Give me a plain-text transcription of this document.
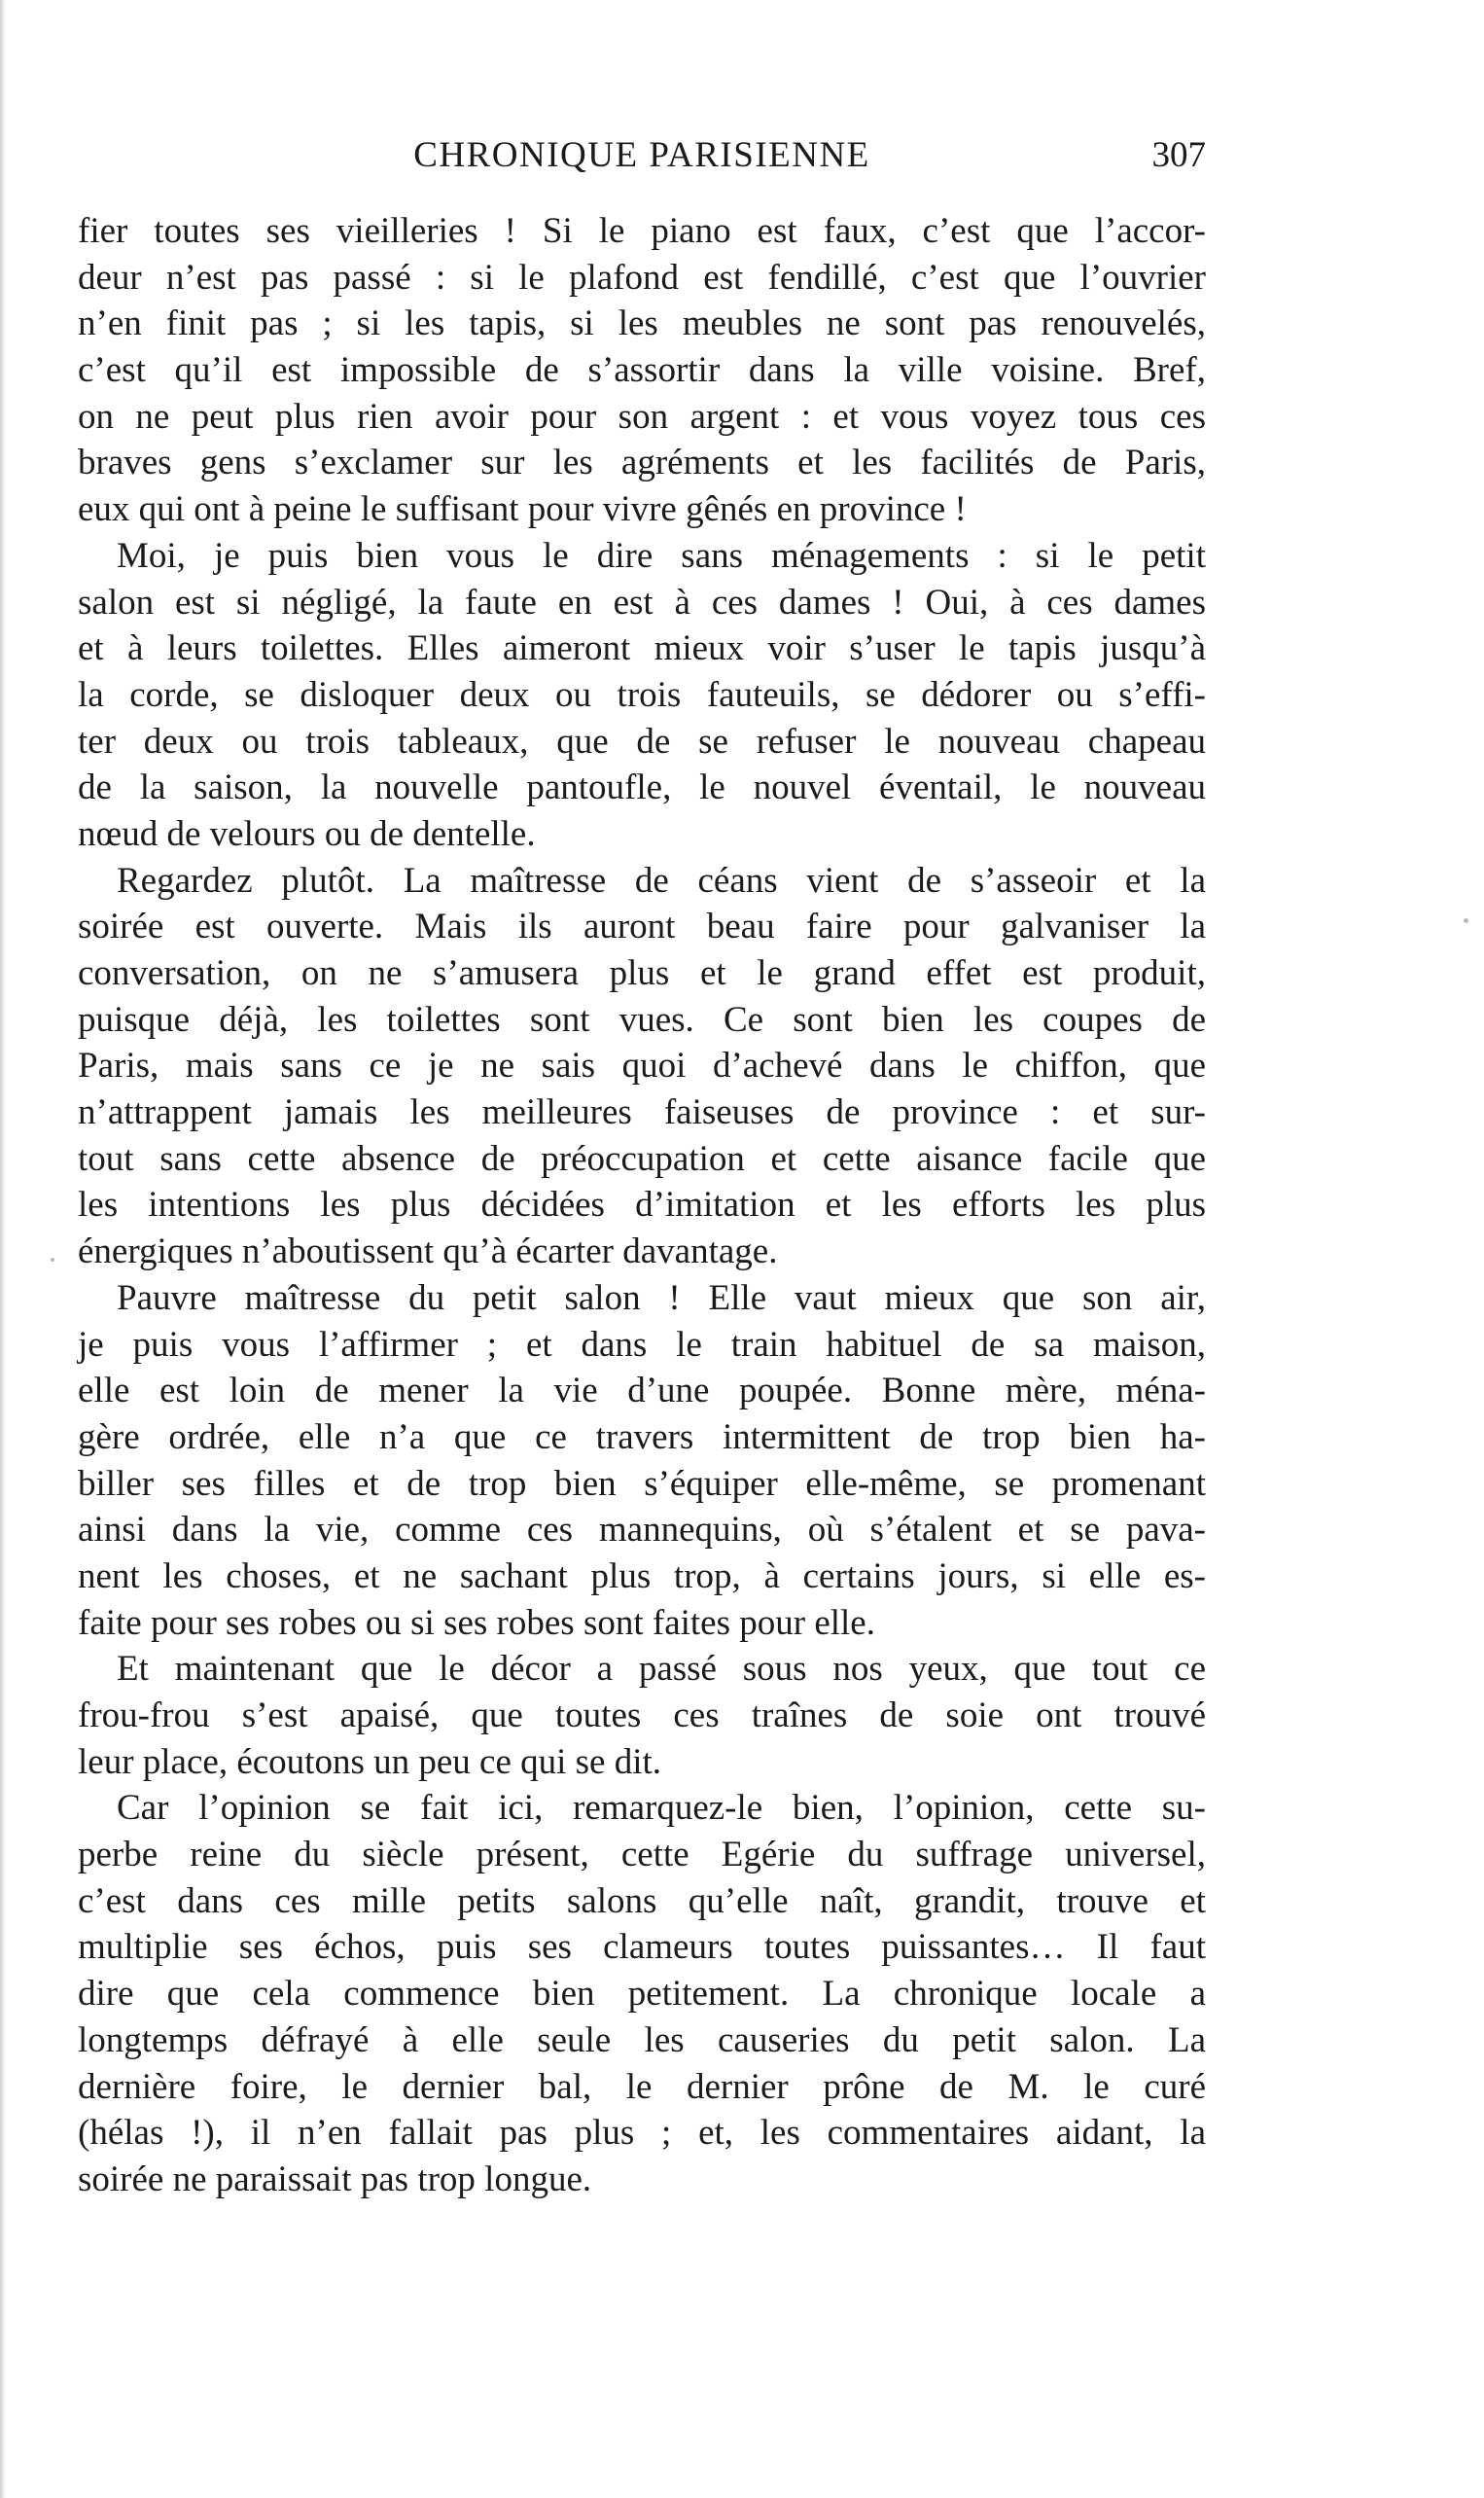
CHRONIQUE PARISIENNE	307
fier toutes ses vieilleries ! Si le piano est faux, c’est que l’accor-
deur n’est pas passé : si le plafond est fendillé, c’est que l’ouvrier
n’en finit pas ; si les tapis, si les meubles ne sont pas renouvelés,
c’est qu’il est impossible de s’assortir dans la ville voisine. Bref,
on ne peut plus rien avoir pour son argent : et vous voyez tous ces
braves gens s’exclamer sur les agréments et les facilités de Paris,
eux qui ont à peine le suffisant pour vivre gênés en province !
Moi, je puis bien vous le dire sans ménagements : si le petit
salon est si négligé, la faute en est à ces dames ! Oui, à ces dames
et à leurs toilettes. Elles aimeront mieux voir s’user le tapis jusqu’à
la corde, se disloquer deux ou trois fauteuils, se dédorer ou s’effi-
ter deux ou trois tableaux, que de se refuser le nouveau chapeau
de la saison, la nouvelle pantoufle, le nouvel éventail, le nouveau
nœud de velours ou de dentelle.
Regardez plutôt. La maîtresse de céans vient de s’asseoir et la
soirée est ouverte. Mais ils auront beau faire pour galvaniser la
conversation, on ne s’amusera plus et le grand effet est produit,
puisque déjà, les toilettes sont vues. Ce sont bien les coupes de
Paris, mais sans ce je ne sais quoi d’achevé dans le chiffon, que
n’attrappent jamais les meilleures faiseuses de province : et sur-
tout sans cette absence de préoccupation et cette aisance facile que
les intentions les plus décidées d’imitation et les efforts les plus
énergiques n’aboutissent qu’à écarter davantage.
Pauvre maîtresse du petit salon ! Elle vaut mieux que son air,
je puis vous l’affirmer ; et dans le train habituel de sa maison,
elle est loin de mener la vie d’une poupée. Bonne mère, ména-
gère ordrée, elle n’a que ce travers intermittent de trop bien ha-
biller ses filles et de trop bien s’équiper elle-même, se promenant
ainsi dans la vie, comme ces mannequins, où s’étalent et se pava-
nent les choses, et ne sachant plus trop, à certains jours, si elle es-
faite pour ses robes ou si ses robes sont faites pour elle.
Et maintenant que le décor a passé sous nos yeux, que tout ce
frou-frou s’est apaisé, que toutes ces traînes de soie ont trouvé
leur place, écoutons un peu ce qui se dit.
Car l’opinion se fait ici, remarquez-le bien, l’opinion, cette su-
perbe reine du siècle présent, cette Egérie du suffrage universel,
c’est dans ces mille petits salons qu’elle naît, grandit, trouve et
multiplie ses échos, puis ses clameurs toutes puissantes… Il faut
dire que cela commence bien petitement. La chronique locale a
longtemps défrayé à elle seule les causeries du petit salon. La
dernière foire, le dernier bal, le dernier prône de M. le curé
(hélas !), il n’en fallait pas plus ; et, les commentaires aidant, la
soirée ne paraissait pas trop longue.
